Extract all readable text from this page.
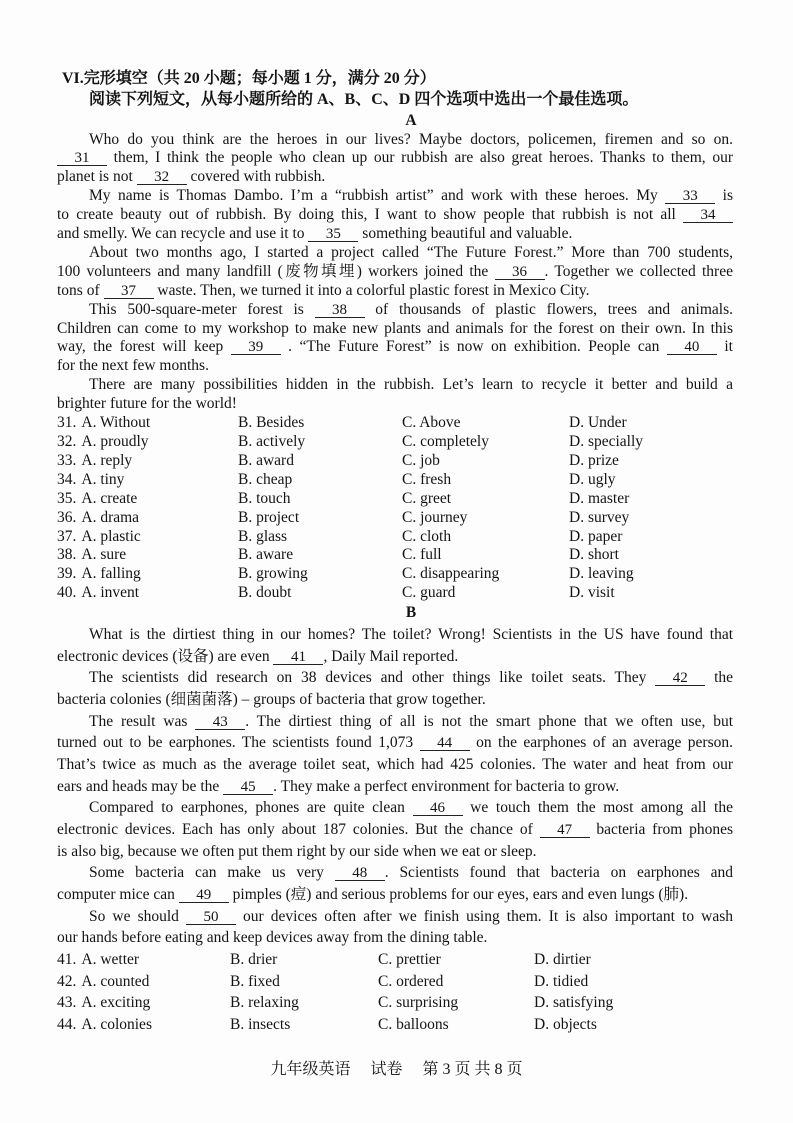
VI.完形填空（共 20 小题；每小题 1 分，满分 20 分）
阅读下列短文，从每小题所给的 A、B、C、D 四个选项中选出一个最佳选项。
A
Who do you think are the heroes in our lives? Maybe doctors, policemen, firemen and so on.
31 them, I think the people who clean up our rubbish are also great heroes. Thanks to them, our
planet is not 32 covered with rubbish.
My name is Thomas Dambo. I’m a “rubbish artist” and work with these heroes. My 33 is
to create beauty out of rubbish. By doing this, I want to show people that rubbish is not all 34
and smelly. We can recycle and use it to 35 something beautiful and valuable.
About two months ago, I started a project called “The Future Forest.” More than 700 students,
100 volunteers and many landfill (废物填埋) workers joined the 36 . Together we collected three
tons of 37 waste. Then, we turned it into a colorful plastic forest in Mexico City.
This 500-square-meter forest is 38 of thousands of plastic flowers, trees and animals.
Children can come to my workshop to make new plants and animals for the forest on their own. In this
way, the forest will keep 39 . “The Future Forest” is now on exhibition. People can 40 it
for the next few months.
There are many possibilities hidden in the rubbish. Let’s learn to recycle it better and build a
brighter future for the world!
31. A. Without	B. Besides	C. Above	D. Under
32. A. proudly	B. actively	C. completely	D. specially
33. A. reply	B. award	C. job	D. prize
34. A. tiny	B. cheap	C. fresh	D. ugly
35. A. create	B. touch	C. greet	D. master
36. A. drama	B. project	C. journey	D. survey
37. A. plastic	B. glass	C. cloth	D. paper
38. A. sure	B. aware	C. full	D. short
39. A. falling	B. growing	C. disappearing	D. leaving
40. A. invent	B. doubt	C. guard	D. visit
B
What is the dirtiest thing in our homes? The toilet? Wrong! Scientists in the US have found that
electronic devices (设备) are even 41 , Daily Mail reported.
The scientists did research on 38 devices and other things like toilet seats. They 42 the
bacteria colonies (细菌菌落) – groups of bacteria that grow together.
The result was 43 . The dirtiest thing of all is not the smart phone that we often use, but
turned out to be earphones. The scientists found 1,073 44 on the earphones of an average person.
That’s twice as much as the average toilet seat, which had 425 colonies. The water and heat from our
ears and heads may be the 45 . They make a perfect environment for bacteria to grow.
Compared to earphones, phones are quite clean 46 we touch them the most among all the
electronic devices. Each has only about 187 colonies. But the chance of 47 bacteria from phones
is also big, because we often put them right by our side when we eat or sleep.
Some bacteria can make us very 48 . Scientists found that bacteria on earphones and
computer mice can 49 pimples (痘) and serious problems for our eyes, ears and even lungs (肺).
So we should 50 our devices often after we finish using them. It is also important to wash
our hands before eating and keep devices away from the dining table.
41. A. wetter	B. drier	C. prettier	D. dirtier
42. A. counted	B. fixed	C. ordered	D. tidied
43. A. exciting	B. relaxing	C. surprising	D. satisfying
44. A. colonies	B. insects	C. balloons	D. objects
九年级英语 试卷 第 3 页 共 8 页
